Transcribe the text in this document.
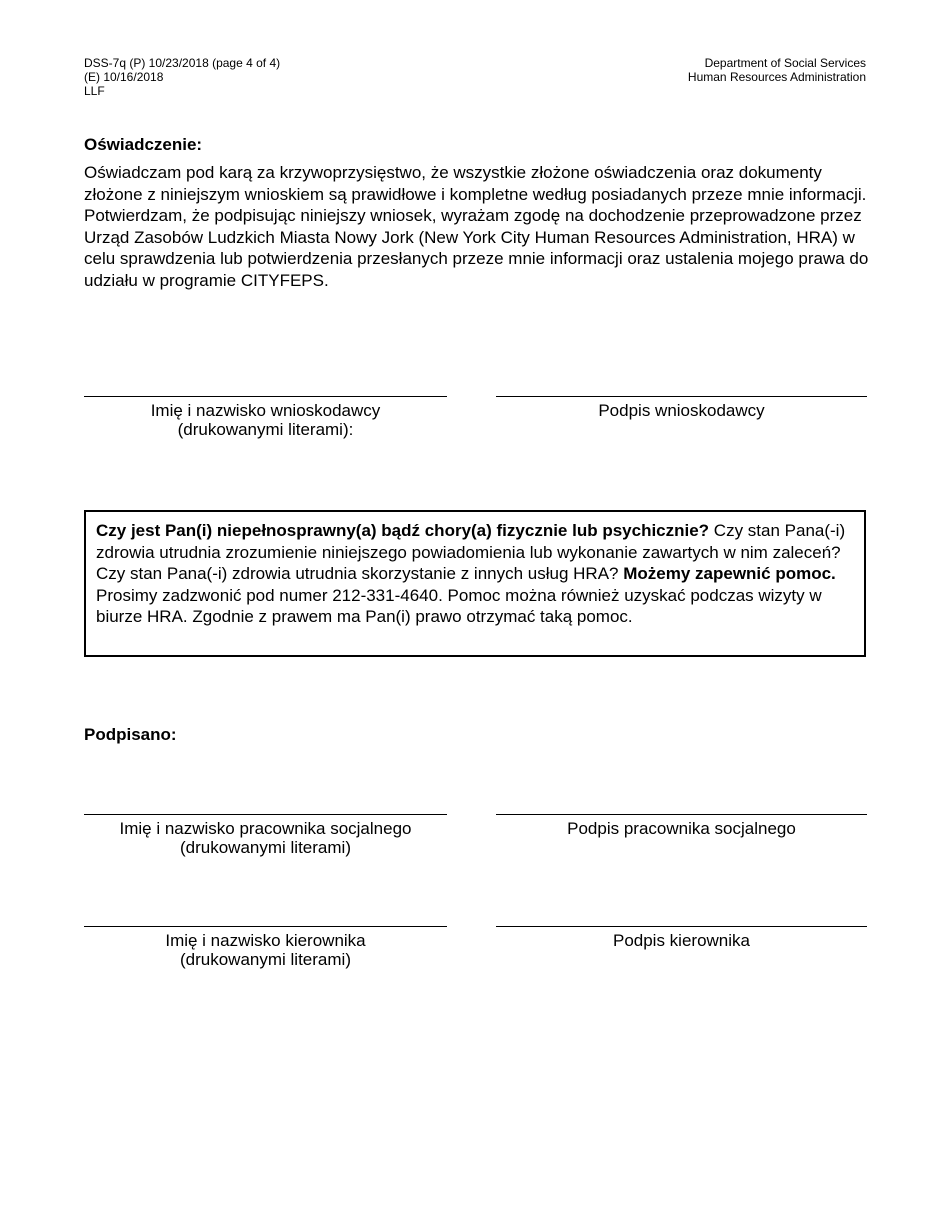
DSS-7q (P) 10/23/2018 (page 4 of 4)
(E) 10/16/2018
LLF
Department of Social Services
Human Resources Administration
Oświadczenie:

Oświadczam pod karą za krzywoprzysięstwo, że wszystkie złożone oświadczenia oraz dokumenty złożone z niniejszym wnioskiem są prawidłowe i kompletne według posiadanych przeze mnie informacji. Potwierdzam, że podpisując niniejszy wniosek, wyrażam zgodę na dochodzenie przeprowadzone przez Urząd Zasobów Ludzkich Miasta Nowy Jork (New York City Human Resources Administration, HRA) w celu sprawdzenia lub potwierdzenia przesłanych przeze mnie informacji oraz ustalenia mojego prawa do udziału w programie CITYFEPS.

Imię i nazwisko wnioskodawcy
(drukowanymi literami):
Podpis wnioskodawcy
Czy jest Pan(i) niepełnosprawny(a) bądź chory(a) fizycznie lub psychicznie? Czy stan Pana(-i) zdrowia utrudnia zrozumienie niniejszego powiadomienia lub wykonanie zawartych w nim zaleceń? Czy stan Pana(-i) zdrowia utrudnia skorzystanie z innych usług HRA? Możemy zapewnić pomoc. Prosimy zadzwonić pod numer 212-331-4640. Pomoc można również uzyskać podczas wizyty w biurze HRA. Zgodnie z prawem ma Pan(i) prawo otrzymać taką pomoc.
Podpisano:
Imię i nazwisko pracownika socjalnego
(drukowanymi literami)
Podpis pracownika socjalnego
Imię i nazwisko kierownika
(drukowanymi literami)
Podpis kierownika
